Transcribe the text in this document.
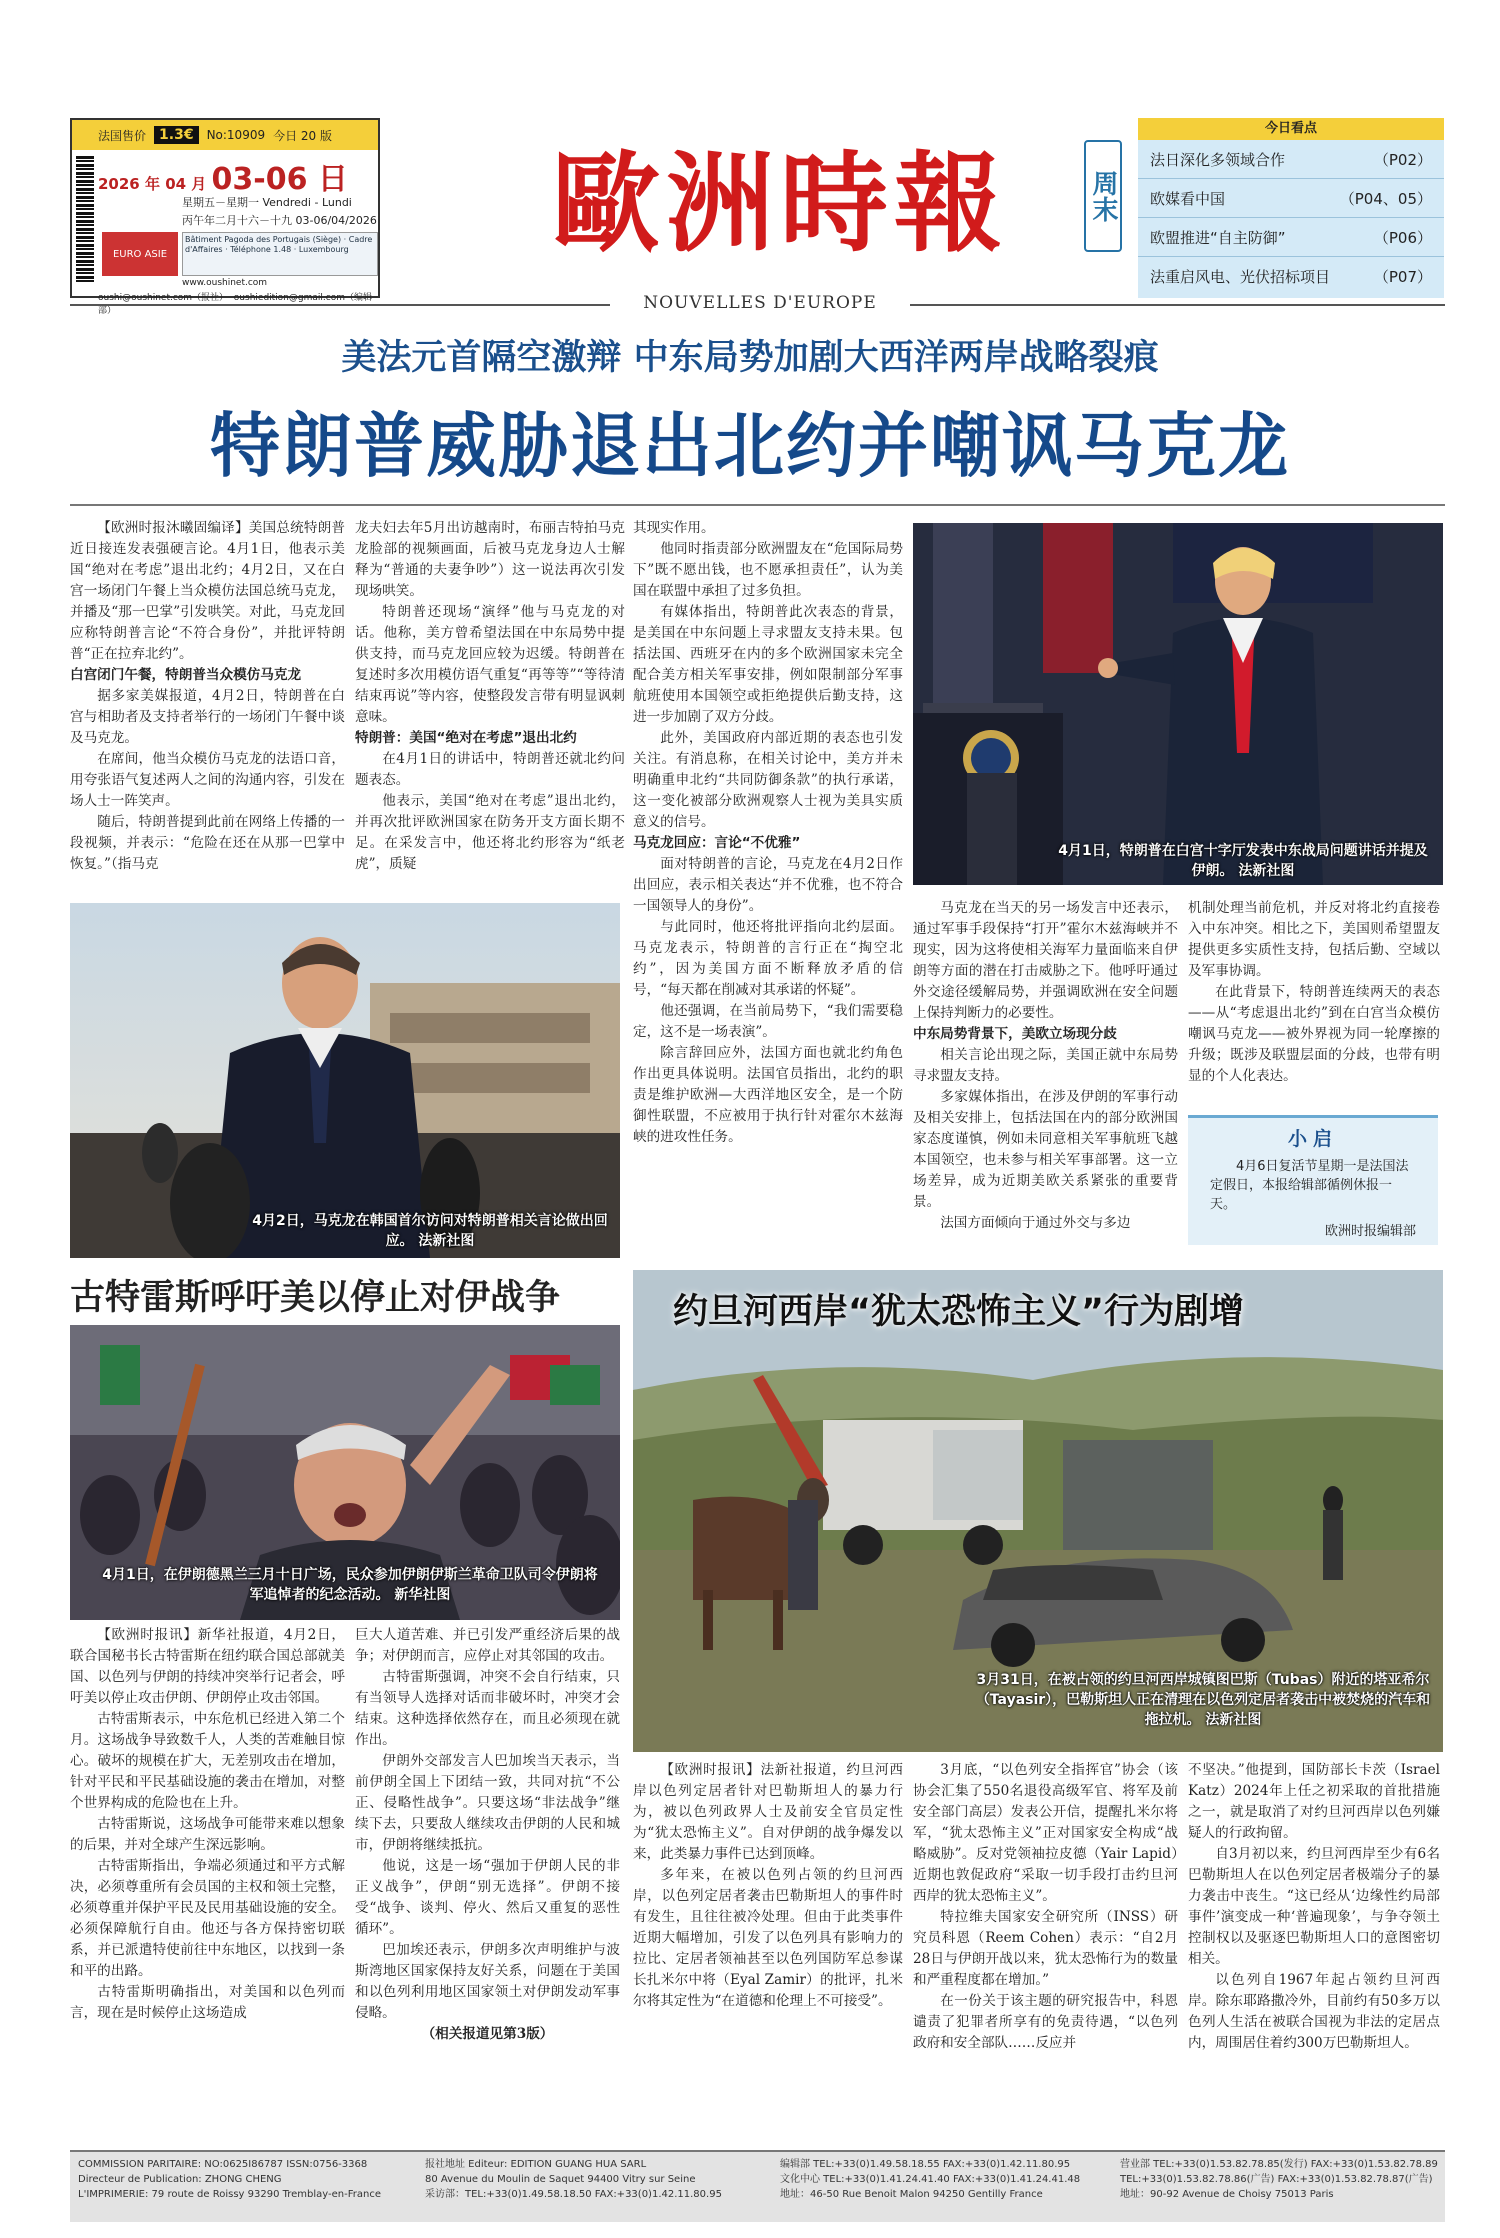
法国售价 1.3€	No:10909 今日 20 版
2026 年 04 月 03-06 日
星期五－星期一 Vendredi - Lundi
丙午年二月十六－十九 03-06/04/2026
EURO ASIE
Bâtiment Pagoda des Portugais (Siège) · Cadre d'Affaires · Téléphone 1.48 · Luxembourg
www.oushinet.com
oushi@oushinet.com（报社） oushiedition@gmail.com（编辑部）
歐洲時報
NOUVELLES D'EUROPE
周末
今日看点
法日深化多领域合作	（P02）
欧媒看中国	（P04、05）
欧盟推进“自主防御”	（P06）
法重启风电、光伏招标项目	（P07）
美法元首隔空激辩 中东局势加剧大西洋两岸战略裂痕
特朗普威胁退出北约并嘲讽马克龙

【欧洲时报沐曦固编译】美国总统特朗普近日接连发表强硬言论。4月1日，他表示美国“绝对在考虑”退出北约；4月2日，又在白宫一场闭门午餐上当众模仿法国总统马克龙，并播及“那一巴掌”引发哄笑。对此，马克龙回应称特朗普言论“不符合身份”，并批评特朗普“正在拉弃北约”。

白宫闭门午餐，特朗普当众模仿马克龙

据多家美媒报道，4月2日，特朗普在白宫与相助者及支持者举行的一场闭门午餐中谈及马克龙。

在席间，他当众模仿马克龙的法语口音，用夸张语气复述两人之间的沟通内容，引发在场人士一阵笑声。

随后，特朗普提到此前在网络上传播的一段视频，并表示：“危险在还在从那一巴掌中恢复。”（指马克

龙夫妇去年5月出访越南时，布丽吉特拍马克龙脸部的视频画面，后被马克龙身边人士解释为“普通的夫妻争吵”）这一说法再次引发现场哄笑。

特朗普还现场“演绎”他与马克龙的对话。他称，美方曾希望法国在中东局势中提供支持，而马克龙回应较为迟缓。特朗普在复述时多次用模仿语气重复“再等等”“等待清结束再说”等内容，使整段发言带有明显讽刺意味。

特朗普：美国“绝对在考虑”退出北约

在4月1日的讲话中，特朗普还就北约问题表态。

他表示，美国“绝对在考虑”退出北约，并再次批评欧洲国家在防务开支方面长期不足。在采发言中，他还将北约形容为“纸老虎”，质疑

其现实作用。

他同时指责部分欧洲盟友在“危国际局势下”既不愿出钱，也不愿承担责任”，认为美国在联盟中承担了过多负担。

有媒体指出，特朗普此次表态的背景，是美国在中东问题上寻求盟友支持未果。包括法国、西班牙在内的多个欧洲国家未完全配合美方相关军事安排，例如限制部分军事航班使用本国领空或拒绝提供后勤支持，这进一步加剧了双方分歧。

此外，美国政府内部近期的表态也引发关注。有消息称，在相关讨论中，美方并未明确重申北约“共同防御条款”的执行承诺，这一变化被部分欧洲观察人士视为美具实质意义的信号。

马克龙回应：言论“不优雅”

面对特朗普的言论，马克龙在4月2日作出回应，表示相关表达“并不优雅，也不符合一国领导人的身份”。

与此同时，他还将批评指向北约层面。马克龙表示，特朗普的言行正在“掏空北约”，因为美国方面不断释放矛盾的信号，“每天都在削减对其承诺的怀疑”。

他还强调，在当前局势下，“我们需要稳定，这不是一场表演”。

除言辞回应外，法国方面也就北约角色作出更具体说明。法国官员指出，北约的职责是维护欧洲—大西洋地区安全，是一个防御性联盟，不应被用于执行针对霍尔木兹海峡的进攻性任务。

4月1日，特朗普在白宫十字厅发表中东战局问题讲话并提及伊朗。 法新社图
4月2日，马克龙在韩国首尔访问对特朗普相关言论做出回应。 法新社图

马克龙在当天的另一场发言中还表示，通过军事手段保持“打开”霍尔木兹海峡并不现实，因为这将使相关海军力量面临来自伊朗等方面的潜在打击威胁之下。他呼吁通过外交途径缓解局势，并强调欧洲在安全问题上保持判断力的必要性。

中东局势背景下，美欧立场现分歧

相关言论出现之际，美国正就中东局势寻求盟友支持。

多家媒体指出，在涉及伊朗的军事行动及相关安排上，包括法国在内的部分欧洲国家态度谨慎，例如未同意相关军事航班飞越本国领空，也未参与相关军事部署。这一立场差异，成为近期美欧关系紧张的重要背景。

法国方面倾向于通过外交与多边

机制处理当前危机，并反对将北约直接卷入中东冲突。相比之下，美国则希望盟友提供更多实质性支持，包括后勤、空域以及军事协调。

在此背景下，特朗普连续两天的表态——从“考虑退出北约”到在白宫当众模仿嘲讽马克龙——被外界视为同一轮摩擦的升级；既涉及联盟层面的分歧，也带有明显的个人化表达。

小启
4月6日复活节星期一是法国法定假日，本报给辑部循例休报一天。
欧洲时报编辑部
古特雷斯呼吁美以停止对伊战争
4月1日，在伊朗德黑兰三月十日广场，民众参加伊朗伊斯兰革命卫队司令伊朗将军追悼者的纪念活动。 新华社图

【欧洲时报讯】新华社报道，4月2日，联合国秘书长古特雷斯在纽约联合国总部就美国、以色列与伊朗的持续冲突举行记者会，呼吁美以停止攻击伊朗、伊朗停止攻击邻国。

古特雷斯表示，中东危机已经进入第二个月。这场战争导致数千人，人类的苦难触目惊心。破坏的规模在扩大，无差别攻击在增加，针对平民和平民基础设施的袭击在增加，对整个世界构成的危险也在上升。

古特雷斯说，这场战争可能带来难以想象的后果，并对全球产生深远影响。

古特雷斯指出，争端必须通过和平方式解决，必须尊重所有会员国的主权和领土完整，必须尊重并保护平民及民用基础设施的安全。必须保障航行自由。他还与各方保持密切联系，并已派遣特使前往中东地区，以找到一条和平的出路。

古特雷斯明确指出，对美国和以色列而言，现在是时候停止这场造成

巨大人道苦难、并已引发严重经济后果的战争；对伊朗而言，应停止对其邻国的攻击。

古特雷斯强调，冲突不会自行结束，只有当领导人选择对话而非破坏时，冲突才会结束。这种选择依然存在，而且必须现在就作出。

伊朗外交部发言人巴加埃当天表示，当前伊朗全国上下团结一致，共同对抗“不公正、侵略性战争”。只要这场“非法战争”继续下去，只要敌人继续攻击伊朗的人民和城市，伊朗将继续抵抗。

他说，这是一场“强加于伊朗人民的非正义战争”，伊朗“别无选择”。伊朗不接受“战争、谈判、停火、然后又重复的恶性循环”。

巴加埃还表示，伊朗多次声明维护与波斯湾地区国家保持友好关系，问题在于美国和以色列利用地区国家领土对伊朗发动军事侵略。

（相关报道见第3版）

约旦河西岸“犹太恐怖主义”行为剧增
3月31日，在被占领的约旦河西岸城镇图巴斯（Tubas）附近的塔亚希尔（Tayasir），巴勒斯坦人正在清理在以色列定居者袭击中被焚烧的汽车和拖拉机。 法新社图

【欧洲时报讯】法新社报道，约旦河西岸以色列定居者针对巴勒斯坦人的暴力行为，被以色列政界人士及前安全官员定性为“犹太恐怖主义”。自对伊朗的战争爆发以来，此类暴力事件已达到顶峰。

多年来，在被以色列占领的约旦河西岸，以色列定居者袭击巴勒斯坦人的事件时有发生，且往往被冷处理。但由于此类事件近期大幅增加，引发了以色列具有影响力的拉比、定居者领袖甚至以色列国防军总参谋长扎米尔中将（Eyal Zamir）的批评，扎米尔将其定性为“在道德和伦理上不可接受”。

3月底，“以色列安全指挥官”协会（该协会汇集了550名退役高级军官、将军及前安全部门高层）发表公开信，提醒扎米尔将军，“犹太恐怖主义”正对国家安全构成“战略威胁”。反对党领袖拉皮德（Yair Lapid）近期也敦促政府“采取一切手段打击约旦河西岸的犹太恐怖主义”。

特拉维夫国家安全研究所（INSS）研究员科恩（Reem Cohen）表示：“自2月28日与伊朗开战以来，犹太恐怖行为的数量和严重程度都在增加。”

在一份关于该主题的研究报告中，科恩谴责了犯罪者所享有的免责待遇，“以色列政府和安全部队……反应并

不坚决。”他提到，国防部长卡茨（Israel Katz）2024年上任之初采取的首批措施之一，就是取消了对约旦河西岸以色列嫌疑人的行政拘留。

自3月初以来，约旦河西岸至少有6名巴勒斯坦人在以色列定居者极端分子的暴力袭击中丧生。“这已经从‘边缘性约局部事件’演变成一种‘普遍现象’，与争夺领土控制权以及驱逐巴勒斯坦人口的意图密切相关。

以色列自1967年起占领约旦河西岸。除东耶路撒冷外，目前约有50多万以色列人生活在被联合国视为非法的定居点内，周围居住着约300万巴勒斯坦人。

COMMISSION PARITAIRE: NO:0625I86787 ISSN:0756-3368
Directeur de Publication: ZHONG CHENG
L'IMPRIMERIE: 79 route de Roissy 93290 Tremblay-en-France
报社地址 Editeur: EDITION GUANG HUA SARL
80 Avenue du Moulin de Saquet 94400 Vitry sur Seine
采访部：TEL:+33(0)1.49.58.18.50 FAX:+33(0)1.42.11.80.95
编辑部 TEL:+33(0)1.49.58.18.55 FAX:+33(0)1.42.11.80.95
文化中心 TEL:+33(0)1.41.24.41.40 FAX:+33(0)1.41.24.41.48
地址：46-50 Rue Benoit Malon 94250 Gentilly France
营业部 TEL:+33(0)1.53.82.78.85(发行) FAX:+33(0)1.53.82.78.89
TEL:+33(0)1.53.82.78.86(广告) FAX:+33(0)1.53.82.78.87(广告)
地址：90-92 Avenue de Choisy 75013 Paris
